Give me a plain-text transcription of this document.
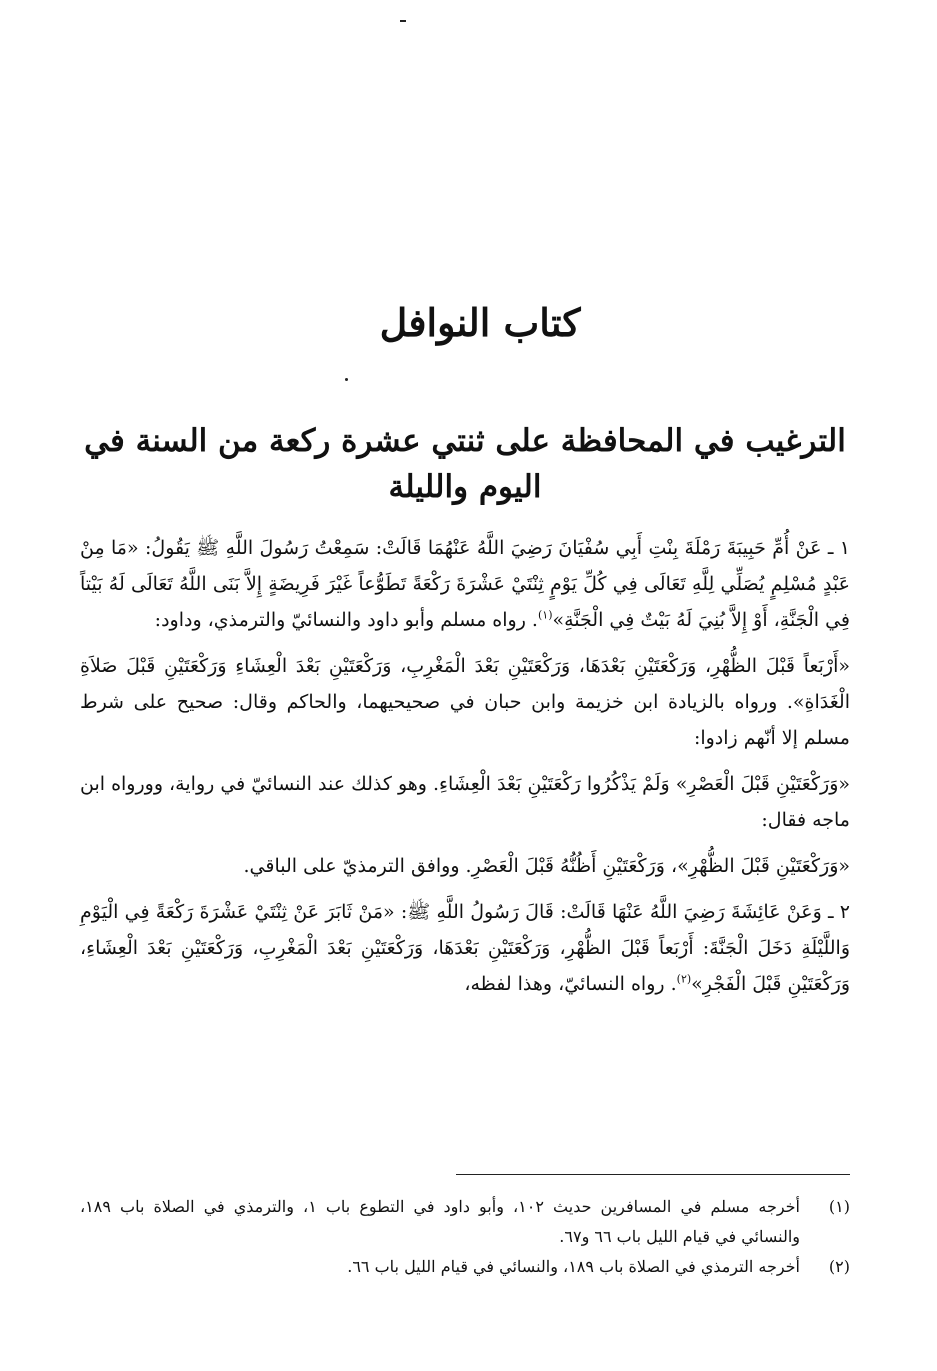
كتاب النوافل
الترغيب في المحافظة على ثنتي عشرة ركعة من السنة في اليوم والليلة

١ ـ عَنْ أُمِّ حَبِيبَةَ رَمْلَةَ بِنْتِ أَبِي سُفْيَانَ رَضِيَ اللَّهُ عَنْهُمَا قَالَتْ: سَمِعْتُ رَسُولَ اللَّهِ ﷺ يَقُولُ: «مَا مِنْ عَبْدٍ مُسْلِمٍ يُصَلِّي لِلَّهِ تَعَالَى فِي كُلِّ يَوْمٍ ثِنْتَيْ عَشْرَةَ رَكْعَةً تَطَوُّعاً غَيْرَ فَرِيضَةٍ إِلاَّ بَنَى اللَّهُ تَعَالَى لَهُ بَيْتاً فِي الْجَنَّةِ، أَوْ إِلاَّ بُنِيَ لَهُ بَيْتٌ فِي الْجَنَّةِ»$^{(١)}$. رواه مسلم وأبو داود والنسائيّ والترمذي، وداود:

«أَرْبَعاً قَبْلَ الظُّهْرِ، وَرَكْعَتَيْنِ بَعْدَهَا، وَرَكْعَتَيْنِ بَعْدَ الْمَغْرِبِ، وَرَكْعَتَيْنِ بَعْدَ الْعِشَاءِ وَرَكْعَتَيْنِ قَبْلَ صَلاَةِ الْغَدَاةِ». ورواه بالزيادة ابن خزيمة وابن حبان في صحيحيهما، والحاكم وقال: صحيح على شرط مسلم إلا أنّهم زادوا:

«وَرَكْعَتَيْنِ قَبْلَ الْعَصْرِ» وَلَمْ يَذْكُرُوا رَكْعَتَيْنِ بَعْدَ الْعِشَاءِ. وهو كذلك عند النسائيّ في رواية، وورواه ابن ماجه فقال:

«وَرَكْعَتَيْنِ قَبْلَ الظُّهْرِ»، وَرَكْعَتَيْنِ أَظُنُّهُ قَبْلَ الْعَصْرِ. ووافق الترمذيّ على الباقي.

٢ ـ وَعَنْ عَائِشَةَ رَضِيَ اللَّهُ عَنْهَا قَالَتْ: قَالَ رَسُولُ اللَّهِ ﷺ: «مَنْ ثَابَرَ عَنْ ثِنْتَيْ عَشْرَةَ رَكْعَةً فِي الْيَوْمِ وَاللَّيْلَةِ دَخَلَ الْجَنَّةَ: أَرْبَعاً قَبْلَ الظُّهْرِ، وَرَكْعَتَيْنِ بَعْدَهَا، وَرَكْعَتَيْنِ بَعْدَ الْمَغْرِبِ، وَرَكْعَتَيْنِ بَعْدَ الْعِشَاءِ، وَرَكْعَتَيْنِ قَبْلَ الْفَجْرِ»$^{(٢)}$. رواه النسائيّ، وهذا لفظه،

(١)
أخرجه مسلم في المسافرين حديث ١٠٢، وأبو داود في التطوع باب ١، والترمذي في الصلاة باب ١٨٩، والنسائي في قيام الليل باب ٦٦ و٦٧.
(٢)
أخرجه الترمذي في الصلاة باب ١٨٩، والنسائي في قيام الليل باب ٦٦.
